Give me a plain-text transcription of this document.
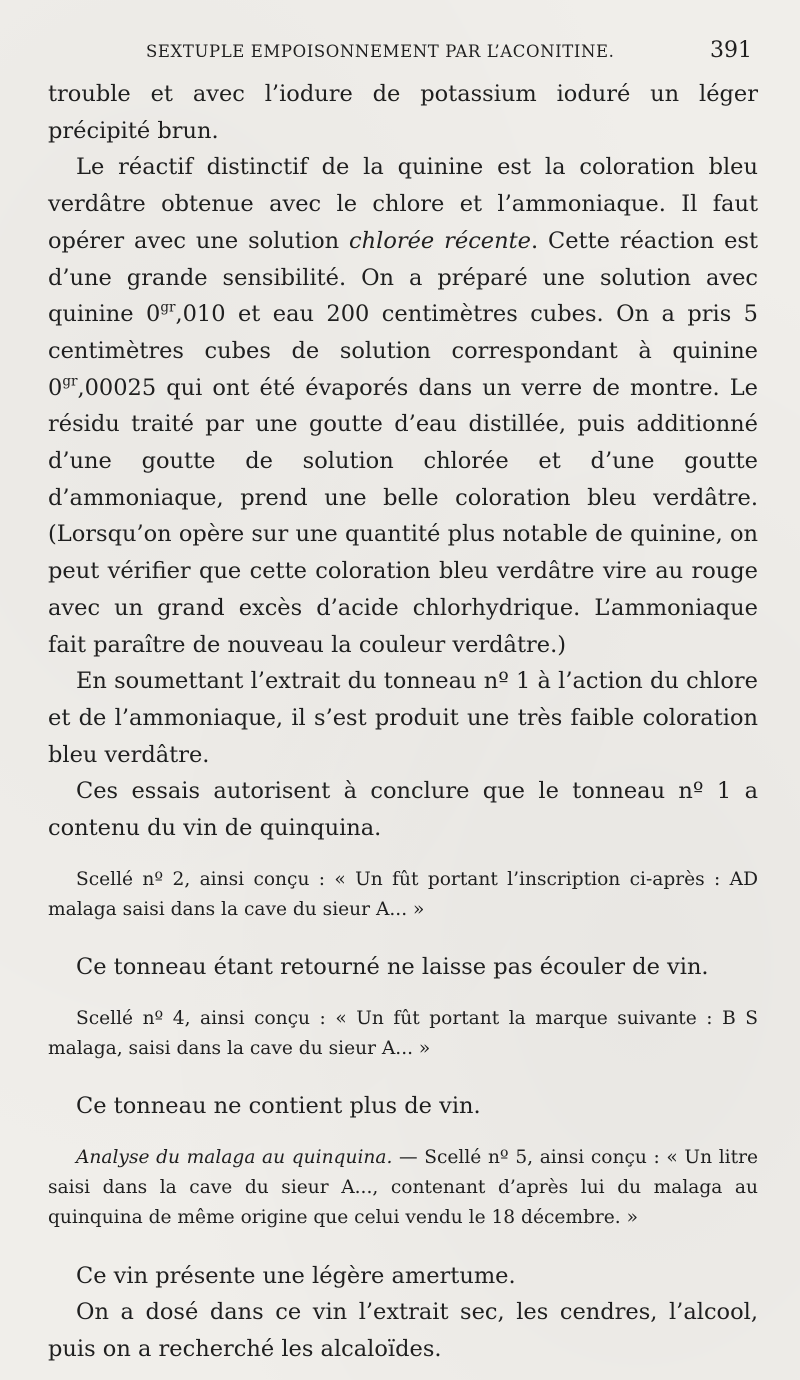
SEXTUPLE EMPOISONNEMENT PAR L’ACONITINE.	391

trouble et avec l’iodure de potassium ioduré un léger précipité brun.

Le réactif distinctif de la quinine est la coloration bleu verdâtre obtenue avec le chlore et l’ammoniaque. Il faut opérer avec une solution chlorée récente. Cette réaction est d’une grande sensibilité. On a préparé une solution avec quinine $0^{gr},010$ et eau 200 centimètres cubes. On a pris 5 centimètres cubes de solution correspondant à quinine $0^{gr},00025$ qui ont été évaporés dans un verre de montre. Le résidu traité par une goutte d’eau distillée, puis additionné d’une goutte de solution chlorée et d’une goutte d’ammoniaque, prend une belle coloration bleu verdâtre. (Lorsqu’on opère sur une quantité plus notable de quinine, on peut vérifier que cette coloration bleu verdâtre vire au rouge avec un grand excès d’acide chlorhydrique. L’ammoniaque fait paraître de nouveau la couleur verdâtre.)

En soumettant l’extrait du tonneau nº 1 à l’action du chlore et de l’ammoniaque, il s’est produit une très faible coloration bleu verdâtre.

Ces essais autorisent à conclure que le tonneau nº 1 a contenu du vin de quinquina.

Scellé nº 2, ainsi conçu : « Un fût portant l’inscription ci-après : AD malaga saisi dans la cave du sieur A... »

Ce tonneau étant retourné ne laisse pas écouler de vin.

Scellé nº 4, ainsi conçu : « Un fût portant la marque suivante : B S malaga, saisi dans la cave du sieur A... »

Ce tonneau ne contient plus de vin.

Analyse du malaga au quinquina. — Scellé nº 5, ainsi conçu : « Un litre saisi dans la cave du sieur A..., contenant d’après lui du malaga au quinquina de même origine que celui vendu le 18 décembre. »

Ce vin présente une légère amertume.

On a dosé dans ce vin l’extrait sec, les cendres, l’alcool, puis on a recherché les alcaloïdes.
